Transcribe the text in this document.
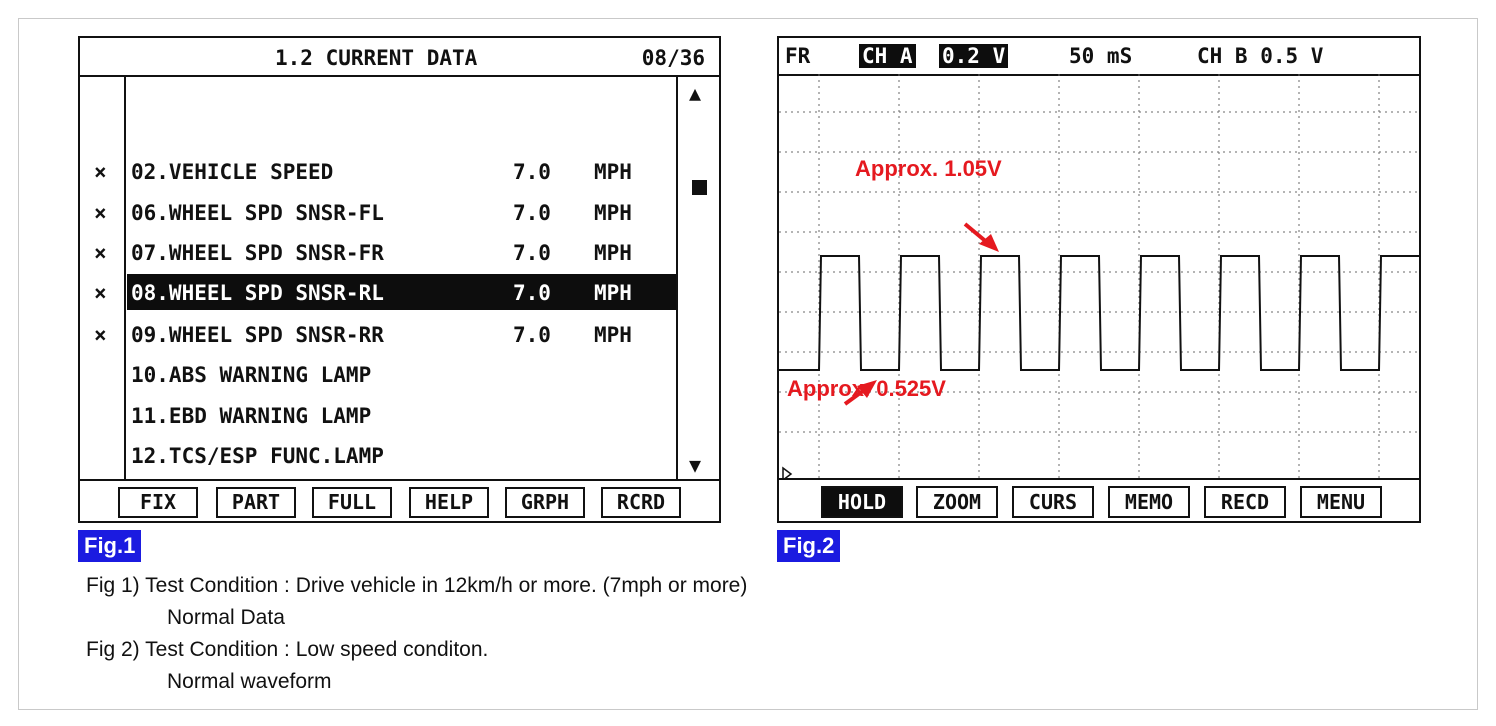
1.2 CURRENT DATA	08/36
× 02.VEHICLE SPEED	7.0 MPH
× 06.WHEEL SPD SNSR-FL	7.0 MPH
× 07.WHEEL SPD SNSR-FR	7.0 MPH
× 08.WHEEL SPD SNSR-RL	7.0 MPH
× 09.WHEEL SPD SNSR-RR	7.0 MPH
10.ABS WARNING LAMP
11.EBD WARNING LAMP
12.TCS/ESP FUNC.LAMP
▲
▼
FIX	PART	FULL	HELP	GRPH	RCRD
FR CH A 0.2 V	50 mS	CH B 0.5 V
Approx. 1.05V
Approx. 0.525V
HOLD	ZOOM	CURS	MEMO	RECD	MENU
Fig.1	Fig.2
Fig 1) Test Condition : Drive vehicle in 12km/h or more. (7mph or more)
Normal Data
Fig 2) Test Condition : Low speed conditon.
Normal waveform
